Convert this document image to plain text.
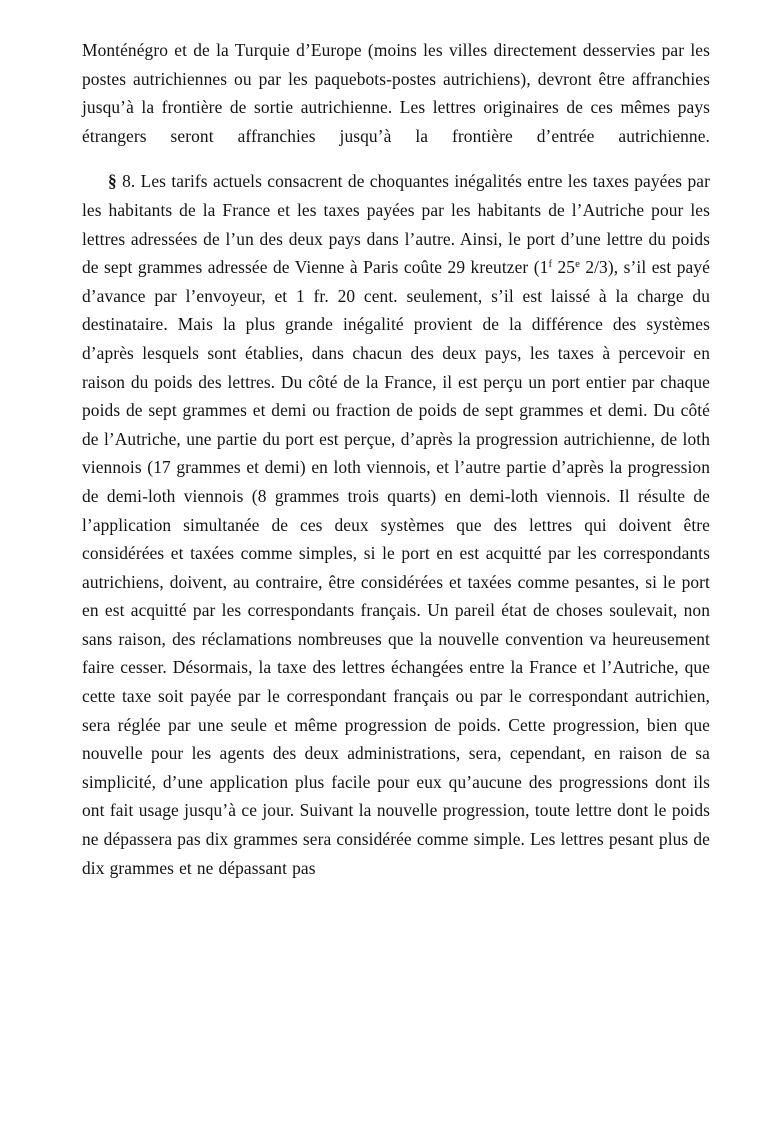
Monténégro et de la Turquie d’Europe (moins les villes directement desservies par les postes autrichiennes ou par les paquebots-postes autrichiens), devront être affranchies jusqu’à la frontière de sortie autrichienne. Les lettres originaires de ces mêmes pays étrangers seront affranchies jusqu’à la frontière d’entrée autrichienne.

§ 8. Les tarifs actuels consacrent de choquantes inégalités entre les taxes payées par les habitants de la France et les taxes payées par les habitants de l’Autriche pour les lettres adressées de l’un des deux pays dans l’autre. Ainsi, le port d’une lettre du poids de sept grammes adressée de Vienne à Paris coûte 29 kreutzer (1$^f$ 25e 2/3), s’il est payé d’avance par l’envoyeur, et 1 fr. 20 cent. seulement, s’il est laissé à la charge du destinataire. Mais la plus grande inégalité provient de la différence des systèmes d’après lesquels sont établies, dans chacun des deux pays, les taxes à percevoir en raison du poids des lettres. Du côté de la France, il est perçu un port entier par chaque poids de sept grammes et demi ou fraction de poids de sept grammes et demi. Du côté de l’Autriche, une partie du port est perçue, d’après la progression autrichienne, de loth viennois (17 grammes et demi) en loth viennois, et l’autre partie d’après la progression de demi-loth viennois (8 grammes trois quarts) en demi-loth viennois. Il résulte de l’application simultanée de ces deux systèmes que des lettres qui doivent être considérées et taxées comme simples, si le port en est acquitté par les correspondants autrichiens, doivent, au contraire, être considérées et taxées comme pesantes, si le port en est acquitté par les correspondants français. Un pareil état de choses soulevait, non sans raison, des réclamations nombreuses que la nouvelle convention va heureusement faire cesser. Désormais, la taxe des lettres échangées entre la France et l’Autriche, que cette taxe soit payée par le correspondant français ou par le correspondant autrichien, sera réglée par une seule et même progression de poids. Cette progression, bien que nouvelle pour les agents des deux administrations, sera, cependant, en raison de sa simplicité, d’une application plus facile pour eux qu’aucune des progressions dont ils ont fait usage jusqu’à ce jour. Suivant la nouvelle progression, toute lettre dont le poids ne dépassera pas dix grammes sera considérée comme simple. Les lettres pesant plus de dix grammes et ne dépassant pas
